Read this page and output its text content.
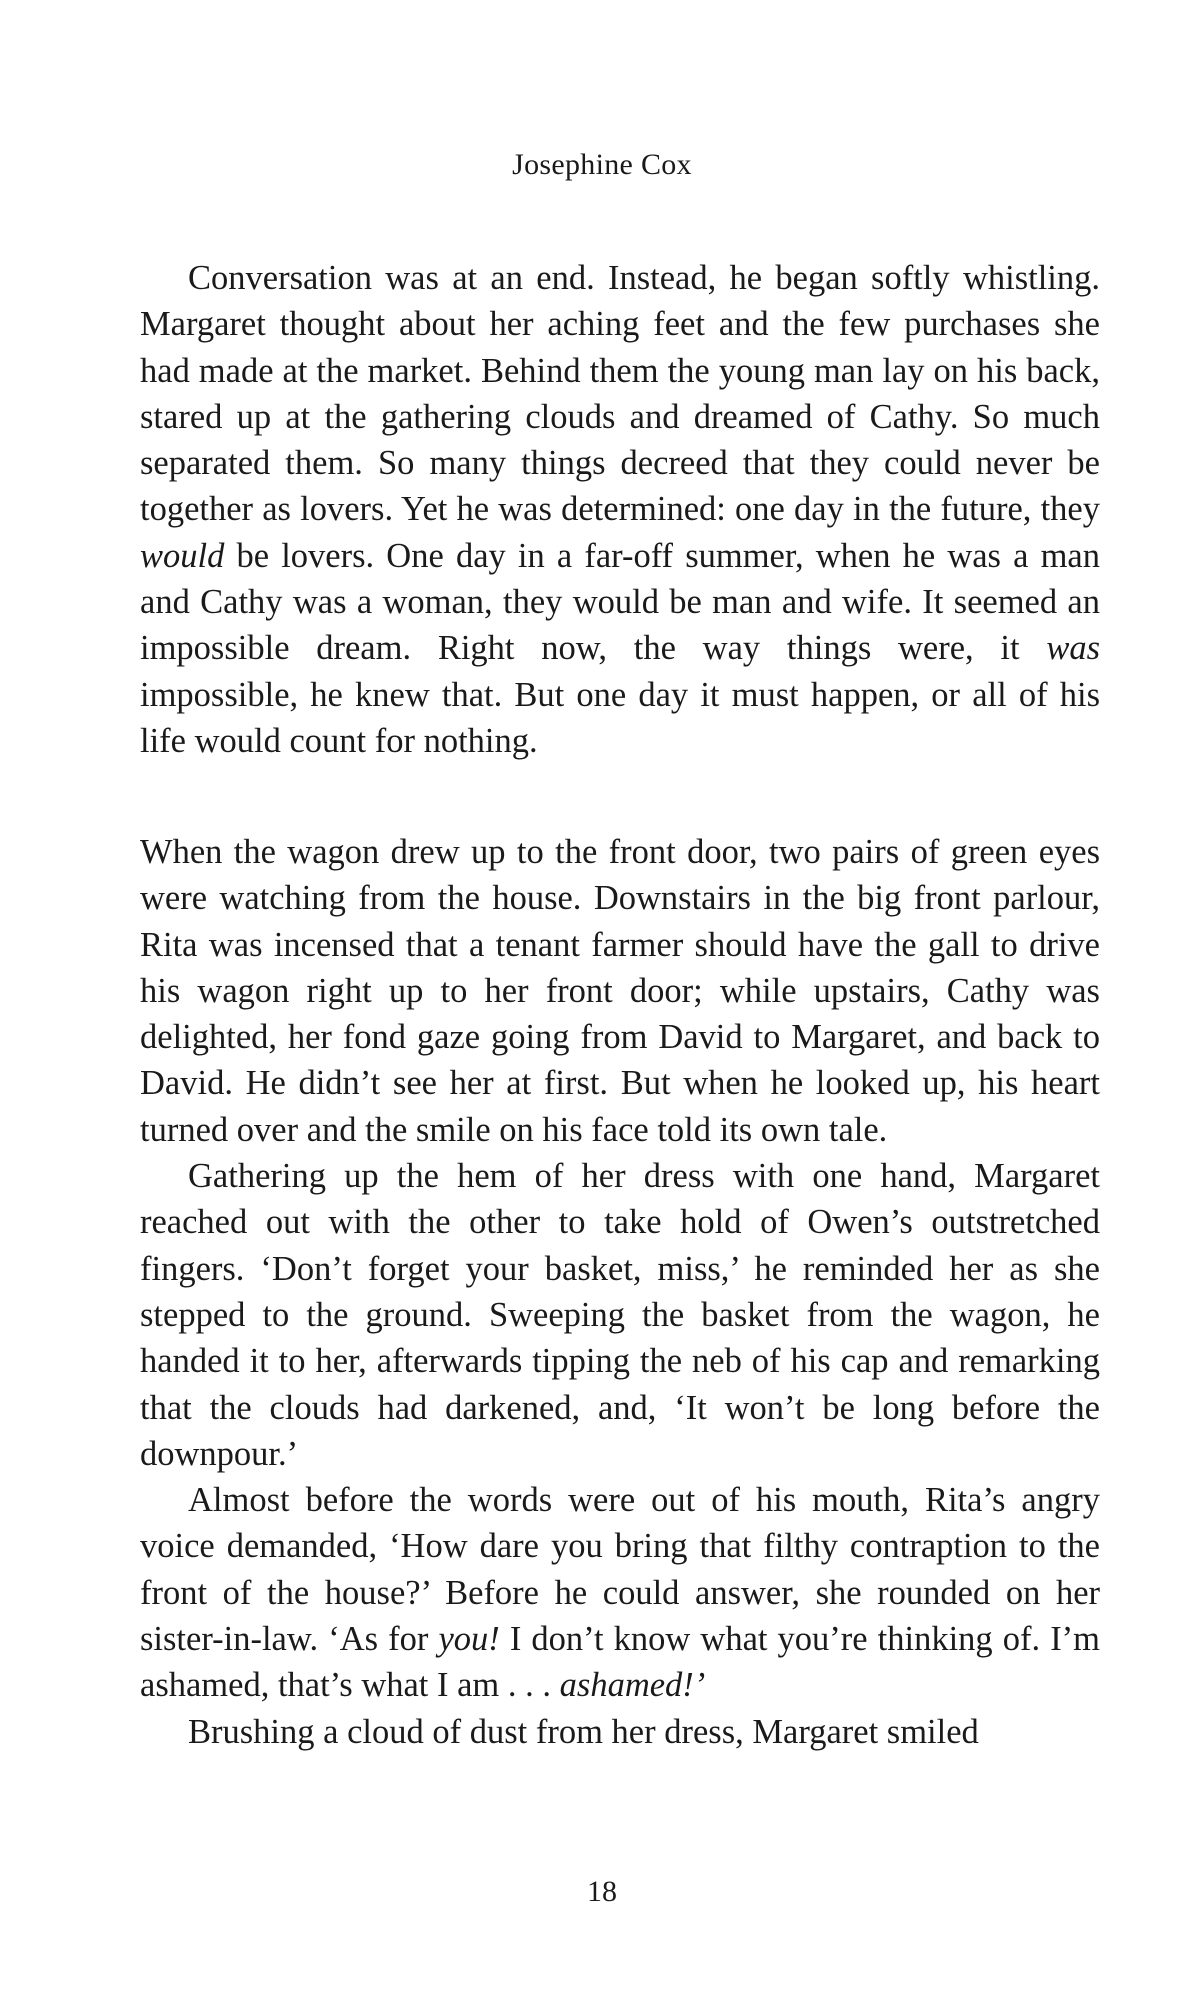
Josephine Cox

Conversation was at an end. Instead, he began softly whistling. Margaret thought about her aching feet and the few purchases she had made at the market. Behind them the young man lay on his back, stared up at the gathering clouds and dreamed of Cathy. So much separated them. So many things decreed that they could never be together as lovers. Yet he was determined: one day in the future, they would be lovers. One day in a far-off summer, when he was a man and Cathy was a woman, they would be man and wife. It seemed an impossible dream. Right now, the way things were, it was impossible, he knew that. But one day it must happen, or all of his life would count for nothing.

When the wagon drew up to the front door, two pairs of green eyes were watching from the house. Downstairs in the big front parlour, Rita was incensed that a tenant farmer should have the gall to drive his wagon right up to her front door; while upstairs, Cathy was delighted, her fond gaze going from David to Margaret, and back to David. He didn’t see her at first. But when he looked up, his heart turned over and the smile on his face told its own tale.

Gathering up the hem of her dress with one hand, Margaret reached out with the other to take hold of Owen’s outstretched fingers. ‘Don’t forget your basket, miss,’ he reminded her as she stepped to the ground. Sweeping the basket from the wagon, he handed it to her, afterwards tipping the neb of his cap and remarking that the clouds had darkened, and, ‘It won’t be long before the downpour.’

Almost before the words were out of his mouth, Rita’s angry voice demanded, ‘How dare you bring that filthy contraption to the front of the house?’ Before he could answer, she rounded on her sister-in-law. ‘As for you! I don’t know what you’re thinking of. I’m ashamed, that’s what I am . . . ashamed!’

Brushing a cloud of dust from her dress, Margaret smiled

18
